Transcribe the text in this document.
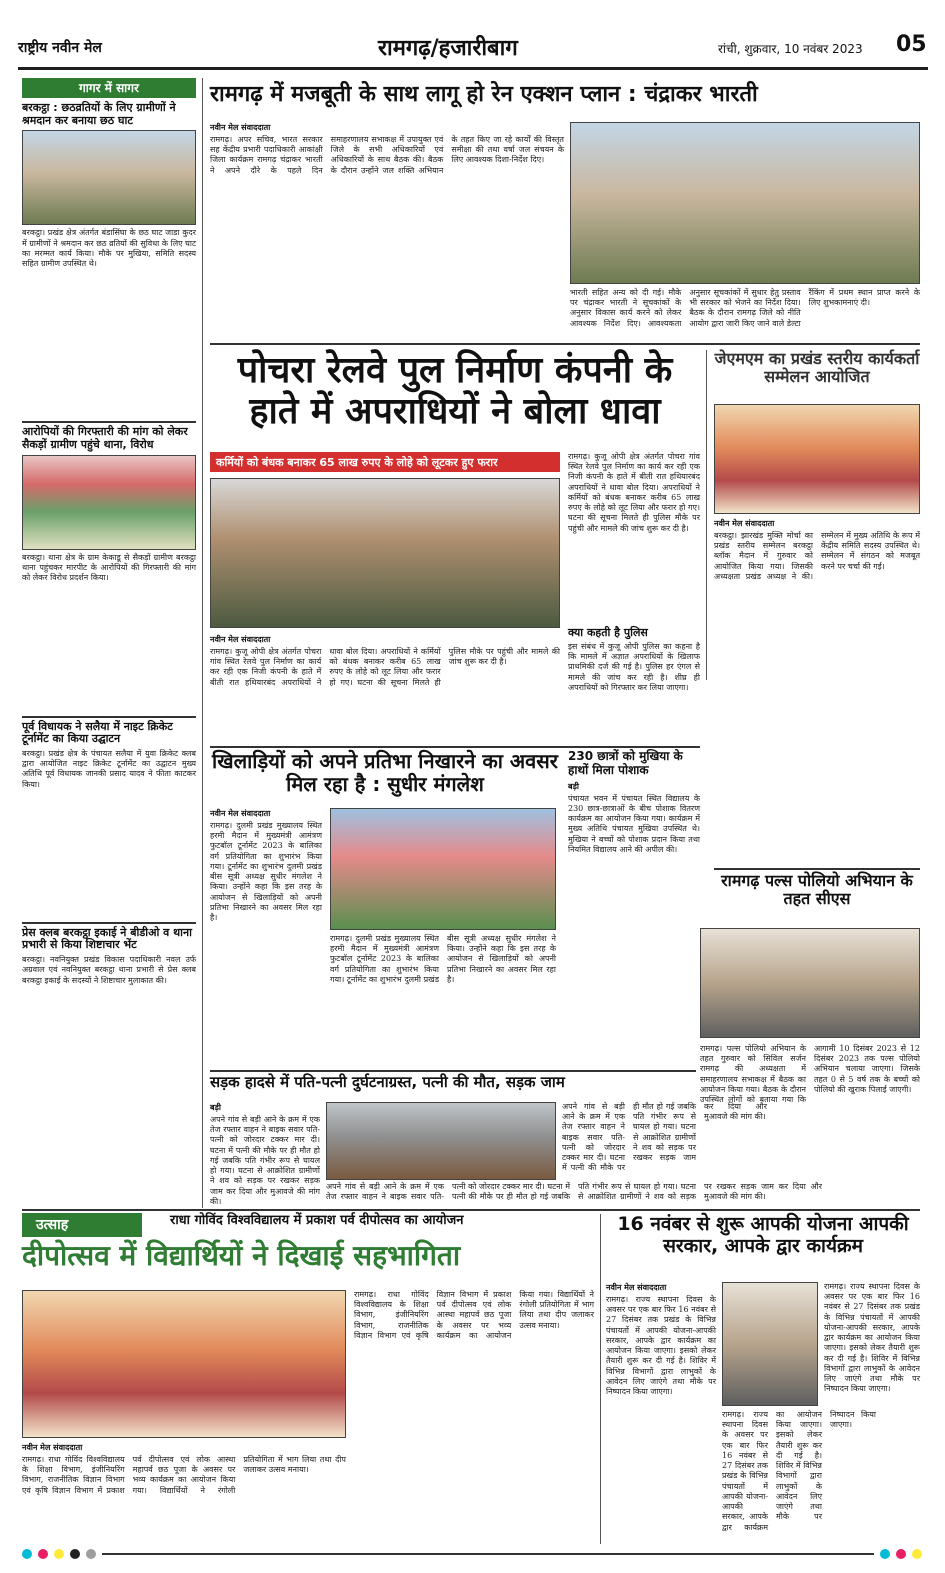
राष्ट्रीय नवीन मेल	रामगढ़/हजारीबाग	रांची, शुक्रवार, 10 नवंबर 2023 05
गागर में सागर
बरकट्ठा : छठव्रतियों के लिए ग्रामीणों ने श्रमदान कर बनाया छठ घाट
बरकट्ठा। प्रखंड क्षेत्र अंतर्गत बंडासिंघा के छठ घाट जाडा कुदर में ग्रामीणों ने श्रमदान कर छठ व्रतियों की सुविधा के लिए घाट का मरम्मत कार्य किया। मौके पर मुखिया, समिति सदस्य सहित ग्रामीण उपस्थित थे।
आरोपियों की गिरफ्तारी की मांग को लेकर सैकड़ों ग्रामीण पहुंचे थाना, विरोध
बरकट्ठा। थाना क्षेत्र के ग्राम केकाडू से सैकड़ों ग्रामीण बरकट्ठा थाना पहुंचकर मारपीट के आरोपियों की गिरफ्तारी की मांग को लेकर विरोध प्रदर्शन किया।
पूर्व विधायक ने सलैया में नाइट क्रिकेट टूर्नामेंट का किया उद्घाटन
बरकट्ठा। प्रखंड क्षेत्र के पंचायत सलैया में युवा क्रिकेट क्लब द्वारा आयोजित नाइट क्रिकेट टूर्नामेंट का उद्घाटन मुख्य अतिथि पूर्व विधायक जानकी प्रसाद यादव ने फीता काटकर किया।
प्रेस क्लब बरकट्ठा इकाई ने बीडीओ व थाना प्रभारी से किया शिष्टाचार भेंट
बरकट्ठा। नवनियुक्त प्रखंड विकास पदाधिकारी नवल उर्फ अग्रवाल एवं नवनियुक्त बरकट्ठा थाना प्रभारी से प्रेस क्लब बरकट्ठा इकाई के सदस्यों ने शिष्टाचार मुलाकात की।
रामगढ़ में मजबूती के साथ लागू हो रेन एक्शन प्लान : चंद्राकर भारती
नवीन मेल संवाददाता
रामगढ़। अपर सचिव, भारत सरकार सह केंद्रीय प्रभारी पदाधिकारी आकांक्षी जिला कार्यक्रम रामगढ़ चंद्राकर भारती ने अपने दौरे के पहले दिन समाहरणालय सभाकक्ष में उपायुक्त एवं जिले के सभी अधिकारियों एवं अधिकारियों के साथ बैठक की। बैठक के दौरान उन्होंने जल शक्ति अभियान के तहत किए जा रहे कार्यों की विस्तृत समीक्षा की तथा वर्षा जल संचयन के लिए आवश्यक दिशा-निर्देश दिए।
भारती सहित अन्य को दी गई। मौके पर चंद्राकर भारती ने सूचकांकों के अनुसार विकास कार्य करने को लेकर आवश्यक निर्देश दिए। आवश्यकता अनुसार सूचकांकों में सुधार हेतु प्रस्ताव भी सरकार को भेजने का निर्देश दिया। बैठक के दौरान रामगढ़ जिले को नीति आयोग द्वारा जारी किए जाने वाले डेल्टा रैंकिंग में प्रथम स्थान प्राप्त करने के लिए शुभकामनाएं दी।
पोचरा रेलवे पुल निर्माण कंपनी के हाते में अपराधियों ने बोला धावा
कर्मियों को बंधक बनाकर 65 लाख रुपए के लोहे को लूटकर हुए फरार
नवीन मेल संवाददाता
रामगढ़। कुजू ओपी क्षेत्र अंतर्गत पोचरा गांव स्थित रेलवे पुल निर्माण का कार्य कर रही एक निजी कंपनी के हाते में बीती रात हथियारबंद अपराधियों ने धावा बोल दिया। अपराधियों ने कर्मियों को बंधक बनाकर करीब 65 लाख रुपए के लोहे को लूट लिया और फरार हो गए। घटना की सूचना मिलते ही पुलिस मौके पर पहुंची और मामले की जांच शुरू कर दी है।
रामगढ़। कुजू ओपी क्षेत्र अंतर्गत पोचरा गांव स्थित रेलवे पुल निर्माण का कार्य कर रही एक निजी कंपनी के हाते में बीती रात हथियारबंद अपराधियों ने धावा बोल दिया। अपराधियों ने कर्मियों को बंधक बनाकर करीब 65 लाख रुपए के लोहे को लूट लिया और फरार हो गए। घटना की सूचना मिलते ही पुलिस मौके पर पहुंची और मामले की जांच शुरू कर दी है।
क्या कहती है पुलिस
इस संबंध में कुजू ओपी पुलिस का कहना है कि मामले में अज्ञात अपराधियों के खिलाफ प्राथमिकी दर्ज की गई है। पुलिस हर एंगल से मामले की जांच कर रही है। शीघ्र ही अपराधियों को गिरफ्तार कर लिया जाएगा।
जेएमएम का प्रखंड स्तरीय कार्यकर्ता सम्मेलन आयोजित
नवीन मेल संवाददाता
बरकट्ठा। झारखंड मुक्ति मोर्चा का प्रखंड स्तरीय सम्मेलन बरकट्ठा ब्लॉक मैदान में गुरुवार को आयोजित किया गया। जिसकी अध्यक्षता प्रखंड अध्यक्ष ने की। सम्मेलन में मुख्य अतिथि के रूप में केंद्रीय समिति सदस्य उपस्थित थे। सम्मेलन में संगठन को मजबूत करने पर चर्चा की गई।
खिलाड़ियों को अपने प्रतिभा निखारने का अवसर मिल रहा है : सुधीर मंगलेश
नवीन मेल संवाददाता
रामगढ़। दुलमी प्रखंड मुख्यालय स्थित हरमी मैदान में मुख्यमंत्री आमंत्रण फुटबॉल टूर्नामेंट 2023 के बालिका वर्ग प्रतियोगिता का शुभारंभ किया गया। टूर्नामेंट का शुभारंभ दुलमी प्रखंड बीस सूत्री अध्यक्ष सुधीर मंगलेश ने किया। उन्होंने कहा कि इस तरह के आयोजन से खिलाड़ियों को अपनी प्रतिभा निखारने का अवसर मिल रहा है।
रामगढ़। दुलमी प्रखंड मुख्यालय स्थित हरमी मैदान में मुख्यमंत्री आमंत्रण फुटबॉल टूर्नामेंट 2023 के बालिका वर्ग प्रतियोगिता का शुभारंभ किया गया। टूर्नामेंट का शुभारंभ दुलमी प्रखंड बीस सूत्री अध्यक्ष सुधीर मंगलेश ने किया। उन्होंने कहा कि इस तरह के आयोजन से खिलाड़ियों को अपनी प्रतिभा निखारने का अवसर मिल रहा है।
230 छात्रों को मुखिया के हाथों मिला पोशाक
बड़ी
पंचायत भवन में पंचायत स्थित विद्यालय के 230 छात्र-छात्राओं के बीच पोशाक वितरण कार्यक्रम का आयोजन किया गया। कार्यक्रम में मुख्य अतिथि पंचायत मुखिया उपस्थित थे। मुखिया ने बच्चों को पोशाक प्रदान किया तथा नियमित विद्यालय आने की अपील की।
रामगढ़ पल्स पोलियो अभियान के तहत सीएस
रामगढ़। पल्स पोलियो अभियान के तहत गुरुवार को सिविल सर्जन रामगढ़ की अध्यक्षता में समाहरणालय सभाकक्ष में बैठक का आयोजन किया गया। बैठक के दौरान उपस्थित लोगों को बताया गया कि आगामी 10 दिसंबर 2023 से 12 दिसंबर 2023 तक पल्स पोलियो अभियान चलाया जाएगा। जिसके तहत 0 से 5 वर्ष तक के बच्चों को पोलियो की खुराक पिलाई जाएगी।
सड़क हादसे में पति-पत्नी दुर्घटनाग्रस्त, पत्नी की मौत, सड़क जाम
बड़ी
अपने गांव से बड़ी आने के क्रम में एक तेज रफ्तार वाहन ने बाइक सवार पति-पत्नी को जोरदार टक्कर मार दी। घटना में पत्नी की मौके पर ही मौत हो गई जबकि पति गंभीर रूप से घायल हो गया। घटना से आक्रोशित ग्रामीणों ने शव को सड़क पर रखकर सड़क जाम कर दिया और मुआवजे की मांग की।
अपने गांव से बड़ी आने के क्रम में एक तेज रफ्तार वाहन ने बाइक सवार पति-पत्नी को जोरदार टक्कर मार दी। घटना में पत्नी की मौके पर ही मौत हो गई जबकि पति गंभीर रूप से घायल हो गया। घटना से आक्रोशित ग्रामीणों ने शव को सड़क पर रखकर सड़क जाम कर दिया और मुआवजे की मांग की।
अपने गांव से बड़ी आने के क्रम में एक तेज रफ्तार वाहन ने बाइक सवार पति-पत्नी को जोरदार टक्कर मार दी। घटना में पत्नी की मौके पर ही मौत हो गई जबकि पति गंभीर रूप से घायल हो गया। घटना से आक्रोशित ग्रामीणों ने शव को सड़क पर रखकर सड़क जाम कर दिया और मुआवजे की मांग की।
उत्साह	राधा गोविंद विश्वविद्यालय में प्रकाश पर्व दीपोत्सव का आयोजन
दीपोत्सव में विद्यार्थियों ने दिखाई सहभागिता
नवीन मेल संवाददाता
रामगढ़। राधा गोविंद विश्वविद्यालय के शिक्षा विभाग, इंजीनियरिंग विभाग, राजनीतिक विज्ञान विभाग एवं कृषि विज्ञान विभाग में प्रकाश पर्व दीपोत्सव एवं लोक आस्था महापर्व छठ पूजा के अवसर पर भव्य कार्यक्रम का आयोजन किया गया। विद्यार्थियों ने रंगोली प्रतियोगिता में भाग लिया तथा दीप जलाकर उत्सव मनाया।
रामगढ़। राधा गोविंद विश्वविद्यालय के शिक्षा विभाग, इंजीनियरिंग विभाग, राजनीतिक विज्ञान विभाग एवं कृषि विज्ञान विभाग में प्रकाश पर्व दीपोत्सव एवं लोक आस्था महापर्व छठ पूजा के अवसर पर भव्य कार्यक्रम का आयोजन किया गया। विद्यार्थियों ने रंगोली प्रतियोगिता में भाग लिया तथा दीप जलाकर उत्सव मनाया।
16 नवंबर से शुरू आपकी योजना आपकी सरकार, आपके द्वार कार्यक्रम
नवीन मेल संवाददाता
रामगढ़। राज्य स्थापना दिवस के अवसर पर एक बार फिर 16 नवंबर से 27 दिसंबर तक प्रखंड के विभिन्न पंचायतों में आपकी योजना-आपकी सरकार, आपके द्वार कार्यक्रम का आयोजन किया जाएगा। इसको लेकर तैयारी शुरू कर दी गई है। शिविर में विभिन्न विभागों द्वारा लाभुकों के आवेदन लिए जाएंगे तथा मौके पर निष्पादन किया जाएगा।
रामगढ़। राज्य स्थापना दिवस के अवसर पर एक बार फिर 16 नवंबर से 27 दिसंबर तक प्रखंड के विभिन्न पंचायतों में आपकी योजना-आपकी सरकार, आपके द्वार कार्यक्रम का आयोजन किया जाएगा। इसको लेकर तैयारी शुरू कर दी गई है। शिविर में विभिन्न विभागों द्वारा लाभुकों के आवेदन लिए जाएंगे तथा मौके पर निष्पादन किया जाएगा।
रामगढ़। राज्य स्थापना दिवस के अवसर पर एक बार फिर 16 नवंबर से 27 दिसंबर तक प्रखंड के विभिन्न पंचायतों में आपकी योजना-आपकी सरकार, आपके द्वार कार्यक्रम का आयोजन किया जाएगा। इसको लेकर तैयारी शुरू कर दी गई है। शिविर में विभिन्न विभागों द्वारा लाभुकों के आवेदन लिए जाएंगे तथा मौके पर निष्पादन किया जाएगा।
